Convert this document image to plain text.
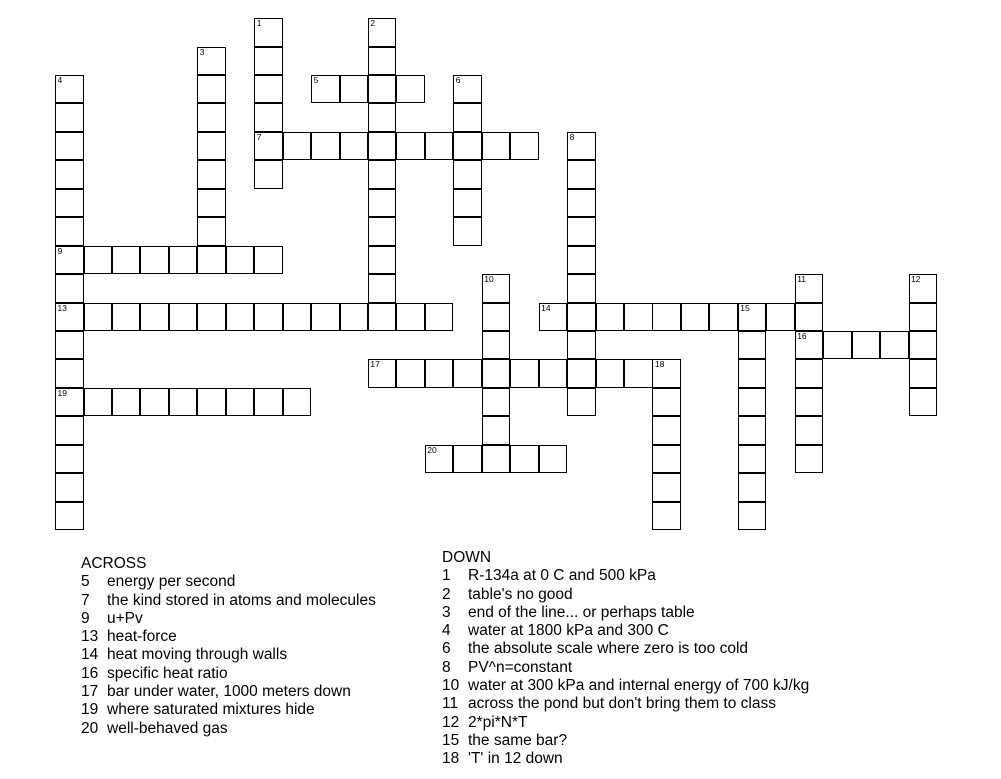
1
7
2
3
4
9
13
19
5	6
8
10	11
16
12
14	15
17	18
20
ACROSS
5 energy per second
7 the kind stored in atoms and molecules
9 u+Pv
13 heat-force
14 heat moving through walls
16 specific heat ratio
17 bar under water, 1000 meters down
19 where saturated mixtures hide
20 well-behaved gas
DOWN
1 R-134a at 0 C and 500 kPa
2 table's no good
3 end of the line... or perhaps table
4 water at 1800 kPa and 300 C
6 the absolute scale where zero is too cold
8 PV^n=constant
10 water at 300 kPa and internal energy of 700 kJ/kg
11 across the pond but don't bring them to class
12 2*pi*N*T
15 the same bar?
18 'T' in 12 down
